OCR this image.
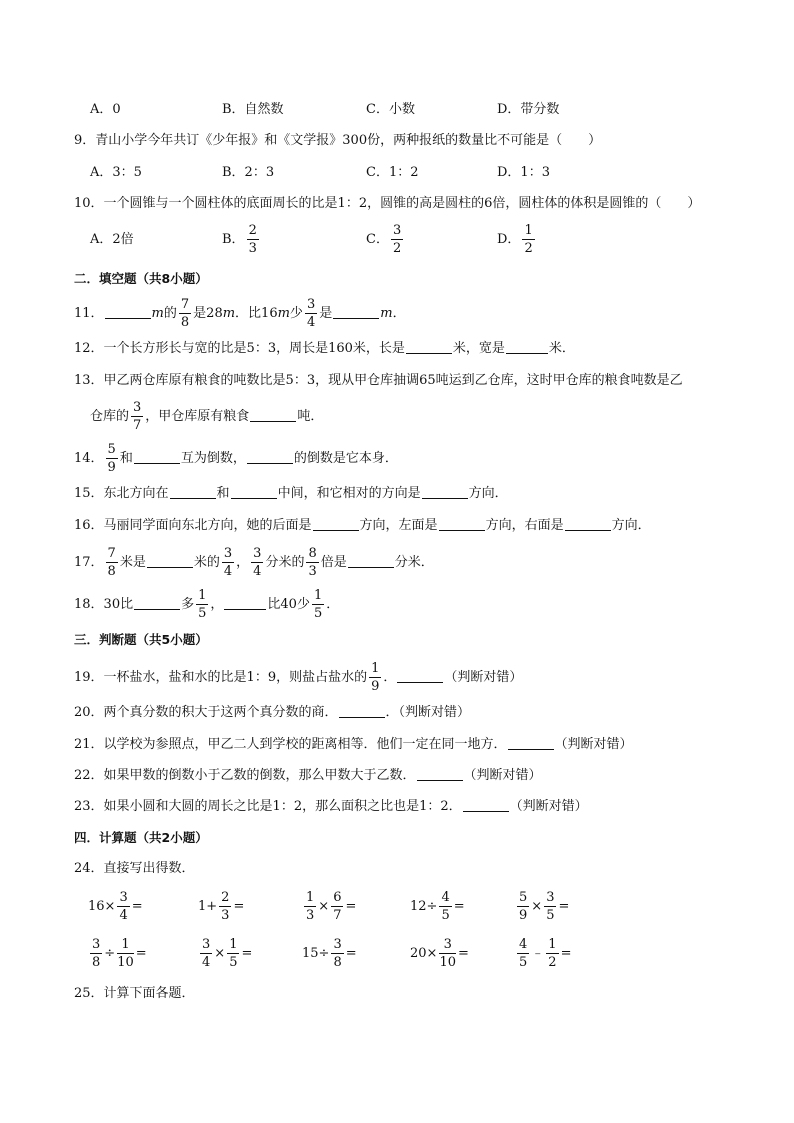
A．0	B．自然数	C．小数	D．带分数
9．青山小学今年共订《少年报》和《文学报》300份，两种报纸的数量比不可能是（　　）
A．3：5	B．2：3	C．1：2	D．1：3
10．一个圆锥与一个圆柱体的底面周长的比是1：2，圆锥的高是圆柱的6倍，圆柱体的体积是圆锥的（　　）
A．2倍	B． $\frac{2}{3}$	C． $\frac{3}{2}$	D． $\frac{1}{2}$
二．填空题（共8小题）
11．	m的 $\frac{7}{8}$ 是28m．比16m少 $\frac{3}{4}$ 是	m．
12．一个长方形长与宽的比是5：3，周长是160米，长是	米，宽是	米．
13．甲乙两仓库原有粮食的吨数比是5：3，现从甲仓库抽调65吨运到乙仓库，这时甲仓库的粮食吨数是乙
仓库的 $\frac{3}{7}$ ，甲仓库原有粮食	吨．
14． $\frac{5}{9}$ 和	互为倒数，	的倒数是它本身．
15．东北方向在	和	中间，和它相对的方向是	方向．
16．马丽同学面向东北方向，她的后面是	方向，左面是	方向，右面是	方向．
17． $\frac{7}{8}$ 米是	米的 $\frac{3}{4}$ ， $\frac{3}{4}$ 分米的 $\frac{8}{3}$ 倍是	分米．
18．30比	多 $\frac{1}{5}$ ，	比40少 $\frac{1}{5}$ ．
三．判断题（共5小题）
19．一杯盐水，盐和水的比是1：9，则盐占盐水的 $\frac{1}{9}$ ．	（判断对错）
20．两个真分数的积大于这两个真分数的商．	．（判断对错）
21．以学校为参照点，甲乙二人到学校的距离相等．他们一定在同一地方．	（判断对错）
22．如果甲数的倒数小于乙数的倒数，那么甲数大于乙数．	（判断对错）
23．如果小圆和大圆的周长之比是1：2，那么面积之比也是1：2．	（判断对错）
四．计算题（共2小题）
24．直接写出得数．
$16\times \frac{3}{4}$ =	$1+ \frac{2}{3}$ =	$\frac{1}{3} \times \frac{6}{7}$ =	$12\div \frac{4}{5}$ =	$\frac{5}{9} \times \frac{3}{5}$ =
$\frac{3}{8} \div \frac{1}{10}$ =	$\frac{3}{4} \times \frac{1}{5}$ =	$15\div \frac{3}{8}$ =	$20\times \frac{3}{10}$ =	$\frac{4}{5}$ ﹣ $\frac{1}{2}$ =
25．计算下面各题．
